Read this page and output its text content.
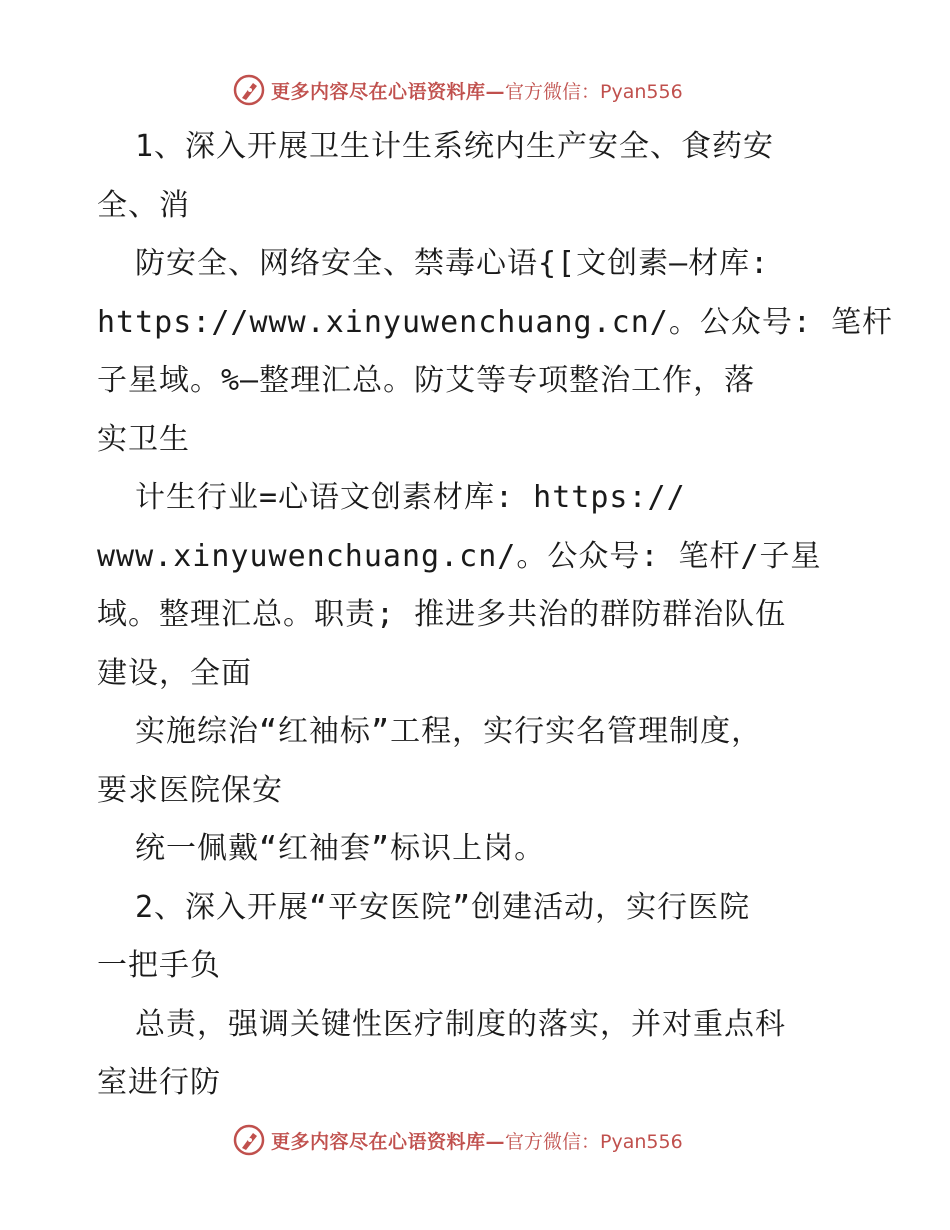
更多内容尽在心语资料库— 官方微信：Pyan556
1、深入开展卫生计生系统内生产安全、食药安
全、消
防安全、网络安全、禁毒心语{[文创素—材库:
https://www.xinyuwenchuang.cn/。公众号: 笔杆
子星域。%—整理汇总。防艾等专项整治工作，落
实卫生
计生行业=心语文创素材库: https://
www.xinyuwenchuang.cn/。公众号: 笔杆/子星
域。整理汇总。职责; 推进多共治的群防群治队伍
建设，全面
实施综治“红袖标”工程，实行实名管理制度，
要求医院保安
统一佩戴“红袖套”标识上岗。
2、深入开展“平安医院”创建活动，实行医院
一把手负
总责，强调关键性医疗制度的落实，并对重点科
室进行防
更多内容尽在心语资料库— 官方微信：Pyan556
